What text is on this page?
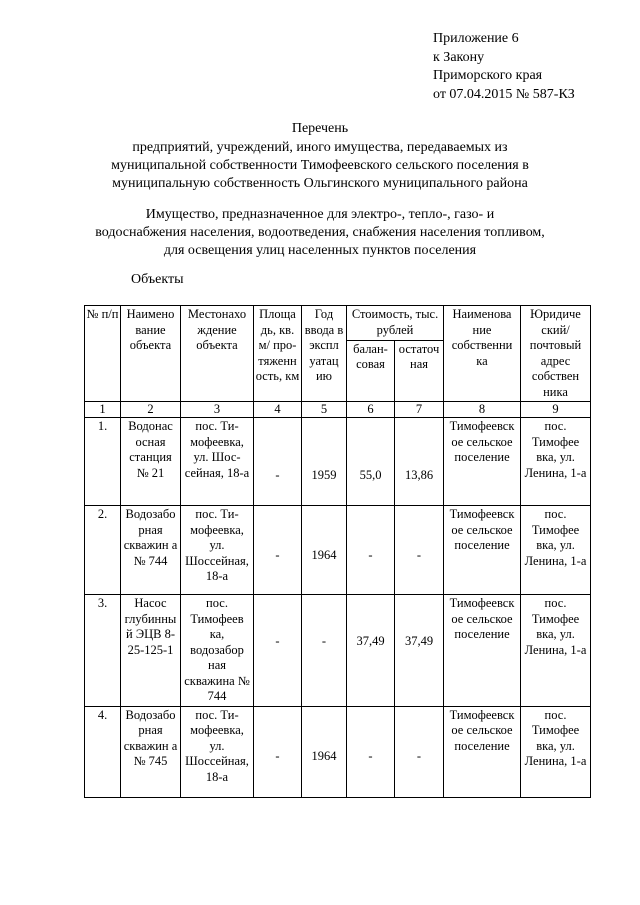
Приложение 6
к Закону
Приморского края
от 07.04.2015 № 587-КЗ
Перечень
предприятий, учреждений, иного имущества, передаваемых из
муниципальной собственности Тимофеевского сельского поселения в
муниципальную собственность Ольгинского муниципального района
Имущество, предназначенное для электро-, тепло-, газо- и
водоснабжения населения, водоотведения, снабжения населения топливом,
для освещения улиц населенных пунктов поселения
Объекты
№ п/п	Наимено вание объекта	Местонахо ждение объекта	Площа дь, кв. м/ про- тяженн ость, км	Год ввода в экспл уатац ию	Стоимость, тыс. рублей		Наименова ние собственни ка	Юридиче ский/ почтовый адрес собствен ника
					балан- совая	остаточ ная		
1	2	3	4	5	6	7	8	9
1.	Водонас осная станция № 21	пос. Ти- мофеевка, ул. Шос- сейная, 18-а	-	1959	55,0	13,86	Тимофеевск ое сельское поселение	пос. Тимофее вка, ул. Ленина, 1-а
2.	Водозабо рная скважин а № 744	пос. Ти- мофеевка, ул. Шоссейная, 18-а	-	1964	-	-	Тимофеевск ое сельское поселение	пос. Тимофее вка, ул. Ленина, 1-а
3.	Насос глубинны й ЭЦВ 8- 25-125-1	пос. Тимофеев ка, водозабор ная скважина № 744	-	-	37,49	37,49	Тимофеевск ое сельское поселение	пос. Тимофее вка, ул. Ленина, 1-а
4.	Водозабо рная скважин а № 745	пос. Ти- мофеевка, ул. Шоссейная, 18-а	-	1964	-	-	Тимофеевск ое сельское поселение	пос. Тимофее вка, ул. Ленина, 1-а
